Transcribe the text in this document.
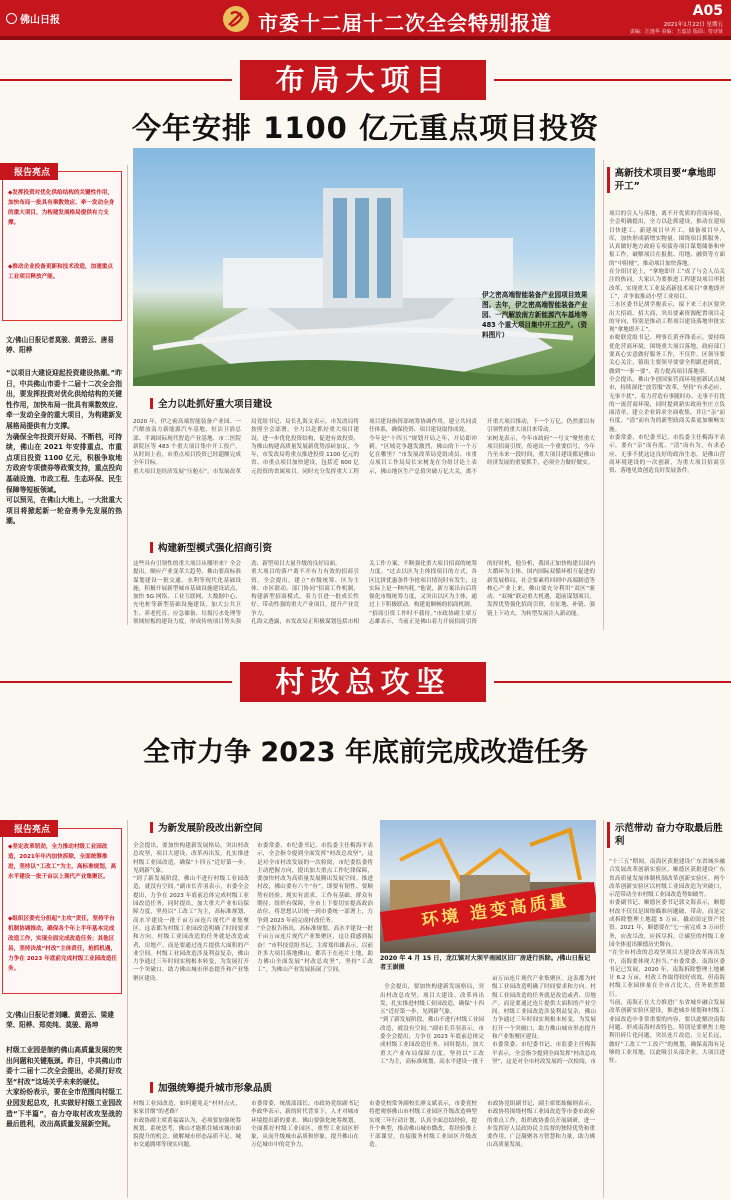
佛山日报	市委十二届十二次全会特别报道	A05
2021年1月22日 星期五
责编：江逸华 美编：王嘉洁 版面：符诗贤
布局大项目
今年安排 1100 亿元重点项目投资
报告亮点
◆发挥投资对优化供给结构的关键性作用，加快布局一批具有乘数效应、牵一发动全身的重大项目，为构建发展格局提供有力支撑。
◆推动企业投备更新和技术改造，加速重点工业项目释放产能。
文/佛山日报记者莫骏、黄碧云、唐易婷、阳桦
“以项目大建设迎起投资建设热潮。”昨日，中共佛山市委十二届十二次全会指出，要发挥投资对优化供给结构的关键性作用，加快布局一批具有乘数效应、牵一发动全身的重大项目，为构建新发展格局提供有力支撑。
为确保全年投资开好局、不断档，可持续，佛山在 2021 年安排重点、市重点项目投资 1100 亿元，积极争取地方政府专项债券等政策支持，重点投向基础设施、市政工程、生态环保、民生保障等短板领域。
可以预见，在佛山大地上，一大批重大项目将掀起新一轮奋勇争先发展的热潮。
伊之密高端智能装备产业园项目效果图。去年，伊之密高端智能装备产业园、一汽解放南方新能源汽车基地等 483 个重大项目集中开工投产。（资料图片）
高新技术项目要“拿地即开工”
项目的引入与落地，离不开优质的营商环境，全会明确提出，全力以赴抓建设，推动在建项目快建工，新建项目早开工，储备项目早入库，加快形成新增实物量。围绕项目抓服务，认真做好地方政府专项债券项目谋划储备和申报工作，破解项目在报批、用地、融资等方面的“中阻梗”，推动项目加快落地。
在分组讨论上，“拿地即开工”成了与会人员关注的热词，大家认为要推进工程建设项目审批改革，实现重大工业及高新技术项目“拿地即开工”，并争取推动小型工业项目。
三水区委书记胡学骏表示，接下来三水区要突出大招商、招大商，突出要素资源配置项目走的导向，特别是推动工程项目建设落地审批实现“拿地即开工”。
市税联党组书记、理事长黄齐锋表示，要持续优化营商环境，围绕重大项目落地，政府部门要真心实意做好服务工作，不仅件，区领导要关心关注，镇街主要领导要要全程跟进到底，做到“一事一要”，着力提高项目落地率。
全会提出，佛山争创国家营商环境创新试点城市，持续深化“放管服”改革，坚持“有求必应、无事不扰”，着力营造有事随时办、无事不打扰的一流营商环境，同时提到新实政府坐庄立负面清单，建立企业诉求全面收集，并让“亲”而有度、“清”而有为的新型政商关系更加顺畅实施。
市委常委、市纪委书记、市监委主任梅海平表示，要有“亲”而有度、“清”而有为，有求必应、无事不扰这这良好的政治生态，是佛山营商环境建设的一次创新，为重大项目招商引资、落地见效创造良好发展条件。
全力以赴抓好重大项目建设
2020 年，伊之密高端智能装备产业园、一汽解放南方新能源汽车基地、恒洁卫浴总部、半调国际现代智造产业基地、市二医院新院区等 483 个重大项目集中开工投产。从时间上看，市重点项目投资已经超额完成全年目标。
重大项目是经济发展“压舱石”。市发展改革局党组书记、局长孔海文表示，市发改局将按照全会部署，全力以赴抓好重大项目建设，进一步优化投资结构，促进有效投资，为佛山构建高质量发展新优势添砖加瓦。今年，市发改局将重点推进投资 1100 亿元的省、市重点项目加快建设，包括近 600 亿元投资的省属项目。同时充分发挥重大工程项目建设指挥部统筹协调作用，建立共同责任体系，确保投资、项目建设取得成效。
今年是“十四五”规划开局之年，开局即冲刺。“区域竞争越发激烈，佛山的下一个万亿在哪里？”市发展改革局党组成员、市重点项目工作局局长宋树龙在分组讨论上表示，佛山地区生产总值突破万亿大关，离不开重大项目推动，下一个万亿，仍然要以有引领性的重大项目来带动。
宋树龙表示，今年市政府“一号文”聚焦重大项目招商引资，传递出一个重要信号，今年乃至未来一段时间，重大项目建设都是佛山经济发展的重要抓手，必须全力做好做实。
构建新型模式强化招商引资
这些具有引领性的重大项目从哪里来？全会提出，顺应产业变革大趋势，佛山要高标准谋划建设一批交通、水利等现代化基础设施，积极开展新型城市基础设施建设试点，加快 5G 网络、工业互联网、大数据中心、充电桩等新型基础设施建设，加大公共卫生、养老托育、应急储备、垃圾污水处理等领域短板的建设力度，形成传统项目势头强劲、新型项目大量升级的良好局面。
重大项目的落户离不开有力有效的招商引资，全会提出，建立“市级统筹、区为主体、市区联动、部门协同”招商工作机制，构建新型招商模式，着力引进一批成长性好、带动性强的重大产业项目，提升产业竞争力。
孔海文透露，市发改局正积极谋划包括市相关工作方案，不断强化重大项目招商的统筹力度。“过去以区为主体找项目的方式，各区比拼优惠条件争抢项目情况时有发生，这实际上是一种内耗。”他说，新方案出台后将强化市级统筹力度，又突出以区为主体，通过上下积极联动，构建更顺畅的招商机制。
“招商引资工作时不我待。”市政协副主席万志雄表示，当前正是佛山着力开展招商引资的好时机，他分析，我国正加快构建以国内大循环为主体、国内国际双循环相互促进的新发展格局，社会要素将回到中高端制造等核心产业上来，佛山要充分利用“双区”驱动、“双城”联动重大机遇，超前谋划项目，发挥优势强化招商引资，在征地、补链、强链上下功夫，为转型发展注入新动能。
村改总攻坚
全市力争 2023 年底前完成改造任务
报告亮点
◆坚定改革韧劲，全力推动村级工业园改造，2021年年内加快拆除，全面统筹推进，坚持以“工改工”为主，高标准规划，高水平建设一批千亩以上现代产业集聚区。
◆组织区委充分担起“主攻”责任，坚持平台机制协调推动，确保各个年上半年基本完成改造工作，实现全面完成改造任务；其他区县，坚持决战“村改”主体责任，抢抓机遇，力争在 2023 年底前完成村级工业园改造任务。
文/佛山日报记者刘曦、黄碧云、梁建荣、阳桦、郑奕纯、莫骏、路坤
村级工业园是制约佛山高质量发展的突出问题和关键瓶颈。昨日，中共佛山市委十二届十二次全会提出，必须打好攻坚“村改”这场关乎未来的硬仗。
大家纷纷表示，要在全市范围向村级工业园发起总攻，扎实做好村级工业园改造“下半篇”，奋力夺取村改攻坚战的最后胜利，改出高质量发展新空间。
为新发展阶段改出新空间
全会提出，要加快构建新发展格局，突出村改总攻坚，项目大建设、改革再出发，扎实推进村级工业园改造，确保“十四五”近好第一步，见到新气象。
“到了新发展阶段，佛山不进行村级工业园改造，就没有空间。”副市长乔羽表示，市委全会提出，力争在 2023 年底前总体完成村级工业园改造任务，同时提出，加大重大产业布局保障力度，坚持以“工改工”为主，高标准规划、高水平建设一批千亩万亩连片现代产业集聚区。这表都为村级工业园改造明确了时间要求和方向。村级工业园改造的任务就是改造或者，房地产、而是要通过连片提供大面积的产业空间。村级工业园改造涉及利益复杂，佛山力争通过三年时间实现根本转变，为发展打开一个突破口，助力佛山城市形态提升和产业集聚区建设。
市委常委、市纪委书记、市监委主任梅海平表示，全会指令提到全面发挥“村改总攻坚”，这是对全市村改发展的一次检阅，市纪委监委将主动把握方向，提出加大重点工作纪律保障，要加快村改为高质量发展腾出发展空间。推进村改，佛山要有六个“有”，即要有韧性、要顺势有经验、现实有需求、工作有基础、群众有期待、组织有保障，全市上下要切实提高政治站位，将思想认识统一到市委统一部署上，力争到 2023 年前完成村改任务。
“全会报告指出，高标准规划、高水平建设一批千亩万亩连片现代产业集聚区，这让我感到振奋！”市科技党组书记、主席郑伟雄表示，以前许多大项目落地佛山，都苦于在连片土地，助力佛山全面发展“村改总攻坚”，坚持“工改工”，为佛山产业发展拓展了空间。
环境 造变高质量
2020 年 4 月 15 日，龙江镇对大坝平南园区旧厂房进行拆除。/佛山日报记者王澍摄

全会提出，要加快构建新发展格局，突出村改总攻坚，项目大建设、改革再出发，扎实推进村级工业园改造，确保“十四五”近好第一步，见到新气象。
“到了新发展阶段，佛山不进行村级工业园改造，就没有空间。”副市长乔羽表示，市委全会提出，力争在 2023 年底前总体完成村级工业园改造任务，同时提出，加大重大产业布局保障力度，坚持以“工改工”为主，高标准规划、高水平建设一批千亩万亩连片现代产业集聚区。这表都为村级工业园改造明确了时间要求和方向。村级工业园改造的任务就是改造或者，房地产、而是要通过连片提供大面积的产业空间。村级工业园改造涉及利益复杂，佛山力争通过三年时间实现根本转变，为发展打开一个突破口，助力佛山城市形态提升和产业集聚区建设。
市委常委、市纪委书记、市监委主任梅海平表示，全会指令提到全面发挥“村改总攻坚”，这是对全市村改发展的一次检阅，市

示范带动 奋力夺取最后胜利
“十三五”期间，南海区获批建设广东省城乡融合发展改革创新实验区，顺德区获批建设广东省高质量发展体制机制改革创新实验区。两个改革创新实验区以村级工业园改造为突破口，示范带动全市村级工业园改造势如破竹。
市委副书记、顺德区委书记郭文海表示，顺德村改不仅仅是围绕瞄准问题破、带动，而是完成拆除整理土地超 5 万亩，撬动固定资产投资。2021 年，顺德要在“七一前完成 3 万亩任务，应改尽改，应拆尽拆，让碳狂的村级工业园全体退出顺德历史舞台。
“在全市村改的总攻坚项目大建设改革再出发中，南海要体现大担当。”市委常委、南海区委书记已发展，2020 年，南海拆除整理土地累计 6.2 万亩，村改工作取得较好成效。但南海村级工业园体量在全市占比大，任务依然繁巨。
当前，南海正在大力推进广东省城乡融合发展改革创新实验区建设，推进城乡规划和村级工业园改造中非常重要的内容，要以此解决南海问题、形成南海村改特色。特别是要聚焦土地利用碎片化问题，突出连片改造，立足长远，做好“工改工”“工改产”的规划，确保南海有足够的工业用地，以此吸引头部企业，大项目进驻。
加强统筹提升城市形象品质
村级工业园改造，如何避免走“村村点火，家家冒烟”的老路？
市政协副主席黄福霖认为，必须要加强统筹规划，系统思考，佛山才能抓住城市城市面貌提升的机会，破解城市形态品质不足、城市交通拥堵等现实问题。
市委常委、统战部部长、市政协党组副书记李政华表示，新的时代背景下，人才对城市环境提出新的要求。佛山要强化统筹规划，全面抓好村级工业园区，重塑工业园区形象，从而升级城市品质和形象，提升佛山在万亿城市中的竞争力。
市委党校常务副校长廖义斌表示，市委党校将把观察佛山市村级工业园区升级改造典型实现三年行动计划，认真全面总结经验，提升个典型，推动佛山城市微改，将经验推上干部课堂，直接服务村级工业园区升级改造。
市政协党组副书记、副主席郑灿佩则表示，市政协将围绕村级工业园改造等市委市政府的重点工作，组织政协委员开展调研，进一步发挥好人民政协民主监督的独特优势和重要作用，广泛凝聚各方智慧和力量，助力佛山高质量发展。
